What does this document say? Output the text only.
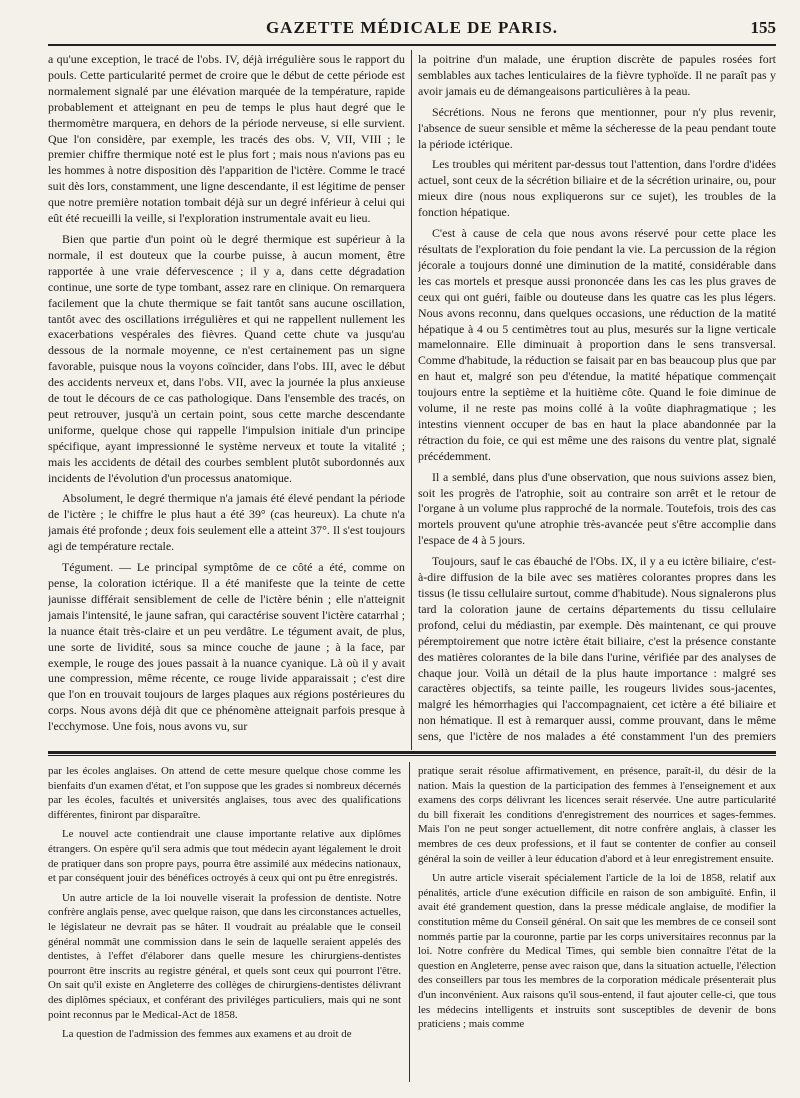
GAZETTE MÉDICALE DE PARIS.	155

a qu'une exception, le tracé de l'obs. IV, déjà irrégulière sous le rapport du pouls. Cette particularité permet de croire que le début de cette période est normalement signalé par une élévation marquée de la température, rapide probablement et atteignant en peu de temps le plus haut degré que le thermomètre marquera, en dehors de la période nerveuse, si elle survient. Que l'on considère, par exemple, les tracés des obs. V, VII, VIII ; le premier chiffre thermique noté est le plus fort ; mais nous n'avions pas eu les hommes à notre disposition dès l'apparition de l'ictère. Comme le tracé suit dès lors, constamment, une ligne descendante, il est légitime de penser que notre première notation tombait déjà sur un degré inférieur à celui qui eût été recueilli la veille, si l'exploration instrumentale avait eu lieu.

Bien que partie d'un point où le degré thermique est supérieur à la normale, il est douteux que la courbe puisse, à aucun moment, être rapportée à une vraie défervescence ; il y a, dans cette dégradation continue, une sorte de type tombant, assez rare en clinique. On remarquera facilement que la chute thermique se fait tantôt sans aucune oscillation, tantôt avec des oscillations irrégulières et qui ne rappellent nullement les exacerbations vespérales des fièvres. Quand cette chute va jusqu'au dessous de la normale moyenne, ce n'est certainement pas un signe favorable, puisque nous la voyons coïncider, dans l'obs. III, avec le début des accidents nerveux et, dans l'obs. VII, avec la journée la plus anxieuse de tout le décours de ce cas pathologique. Dans l'ensemble des tracés, on peut retrouver, jusqu'à un certain point, sous cette marche descendante uniforme, quelque chose qui rappelle l'impulsion initiale d'un principe spécifique, ayant impressionné le système nerveux et toute la vitalité ; mais les accidents de détail des courbes semblent plutôt subordonnés aux incidents de l'évolution d'un processus anatomique.

Absolument, le degré thermique n'a jamais été élevé pendant la période de l'ictère ; le chiffre le plus haut a été 39° (cas heureux). La chute n'a jamais été profonde ; deux fois seulement elle a atteint 37°. Il s'est toujours agi de température rectale.

Tégument. — Le principal symptôme de ce côté a été, comme on pense, la coloration ictérique. Il a été manifeste que la teinte de cette jaunisse différait sensiblement de celle de l'ictère bénin ; elle n'atteignit jamais l'intensité, le jaune safran, qui caractérise souvent l'ictère catarrhal ; la nuance était très-claire et un peu verdâtre. Le tégument avait, de plus, une sorte de lividité, sous sa mince couche de jaune ; à la face, par exemple, le rouge des joues passait à la nuance cyanique. Là où il y avait une compression, même récente, ce rouge livide apparaissait ; c'est dire que l'on en trouvait toujours de larges plaques aux régions postérieures du corps. Nous avons déjà dit que ce phénomène atteignait parfois presque à l'ecchymose. Une fois, nous avons vu, sur

la poitrine d'un malade, une éruption discrète de papules rosées fort semblables aux taches lenticulaires de la fièvre typhoïde. Il ne paraît pas y avoir jamais eu de démangeaisons particulières à la peau.

Sécrétions. Nous ne ferons que mentionner, pour n'y plus revenir, l'absence de sueur sensible et même la sécheresse de la peau pendant toute la période ictérique.

Les troubles qui méritent par-dessus tout l'attention, dans l'ordre d'idées actuel, sont ceux de la sécrétion biliaire et de la sécrétion urinaire, ou, pour mieux dire (nous nous expliquerons sur ce sujet), les troubles de la fonction hépatique.

C'est à cause de cela que nous avons réservé pour cette place les résultats de l'exploration du foie pendant la vie. La percussion de la région jécorale a toujours donné une diminution de la matité, considérable dans les cas mortels et presque aussi prononcée dans les cas les plus graves de ceux qui ont guéri, faible ou douteuse dans les quatre cas les plus légers. Nous avons reconnu, dans quelques occasions, une réduction de la matité hépatique à 4 ou 5 centimètres tout au plus, mesurés sur la ligne verticale mamelonnaire. Elle diminuait à proportion dans le sens transversal. Comme d'habitude, la réduction se faisait par en bas beaucoup plus que par en haut et, malgré son peu d'étendue, la matité hépatique commençait toujours entre la septième et la huitième côte. Quand le foie diminue de volume, il ne reste pas moins collé à la voûte diaphragmatique ; les intestins viennent occuper de bas en haut la place abandonnée par la rétraction du foie, ce qui est même une des raisons du ventre plat, signalé précédemment.

Il a semblé, dans plus d'une observation, que nous suivions assez bien, soit les progrès de l'atrophie, soit au contraire son arrêt et le retour de l'organe à un volume plus rapproché de la normale. Toutefois, trois des cas mortels prouvent qu'une atrophie très-avancée peut s'être accomplie dans l'espace de 4 à 5 jours.

Toujours, sauf le cas ébauché de l'Obs. IX, il y a eu ictère biliaire, c'est-à-dire diffusion de la bile avec ses matières colorantes propres dans les tissus (le tissu cellulaire surtout, comme d'habitude). Nous signalerons plus tard la coloration jaune de certains départements du tissu cellulaire profond, celui du médiastin, par exemple. Dès maintenant, ce qui prouve péremptoirement que notre ictère était biliaire, c'est la présence constante des matières colorantes de la bile dans l'urine, vérifiée par des analyses de chaque jour. Voilà un détail de la plus haute importance : malgré ses caractères objectifs, sa teinte paille, les rougeurs livides sous-jacentes, malgré les hémorrhagies qui l'accompagnaient, cet ictère a été biliaire et non hématique. Il est à remarquer aussi, comme prouvant, dans le même sens, que l'ictère de nos malades a été constamment l'un des premiers

par les écoles anglaises. On attend de cette mesure quelque chose comme les bienfaits d'un examen d'état, et l'on suppose que les grades si nombreux décernés par les écoles, facultés et universités anglaises, tous avec des qualifications différentes, finiront par disparaître.

Le nouvel acte contiendrait une clause importante relative aux diplômes étrangers. On espère qu'il sera admis que tout médecin ayant légalement le droit de pratiquer dans son propre pays, pourra être assimilé aux médecins nationaux, et par conséquent jouir des bénéfices octroyés à ceux qui ont pu être enregistrés.

Un autre article de la loi nouvelle viserait la profession de dentiste. Notre confrère anglais pense, avec quelque raison, que dans les circonstances actuelles, le législateur ne devrait pas se hâter. Il voudrait au préalable que le conseil général nommât une commission dans le sein de laquelle seraient appelés des dentistes, à l'effet d'élaborer dans quelle mesure les chirurgiens-dentistes pourront être inscrits au registre général, et quels sont ceux qui pourront l'être. On sait qu'il existe en Angleterre des collèges de chirurgiens-dentistes délivrant des diplômes spéciaux, et conférant des priviléges particuliers, mais qui ne sont point reconnus par le Medical-Act de 1858.

La question de l'admission des femmes aux examens et au droit de

pratique serait résolue affirmativement, en présence, paraît-il, du désir de la nation. Mais la question de la participation des femmes à l'enseignement et aux examens des corps délivrant les licences serait réservée. Une autre particularité du bill fixerait les conditions d'enregistrement des nourrices et sages-femmes. Mais l'on ne peut songer actuellement, dit notre confrère anglais, à classer les membres de ces deux professions, et il faut se contenter de confier au conseil général la soin de veiller à leur éducation d'abord et à leur enregistrement ensuite.

Un autre article viserait spécialement l'article de la loi de 1858, relatif aux pénalités, article d'une exécution difficile en raison de son ambiguïté. Enfin, il avait été grandement question, dans la presse médicale anglaise, de modifier la constitution même du Conseil général. On sait que les membres de ce conseil sont nommés partie par la couronne, partie par les corps universitaires reconnus par la loi. Notre confrère du Medical Times, qui semble bien connaître l'état de la question en Angleterre, pense avec raison que, dans la situation actuelle, l'élection des conseillers par tous les membres de la corporation médicale présenterait plus d'un inconvénient. Aux raisons qu'il sous-entend, il faut ajouter celle-ci, que tous les médecins intelligents et instruits sont susceptibles de devenir de bons praticiens ; mais comme
